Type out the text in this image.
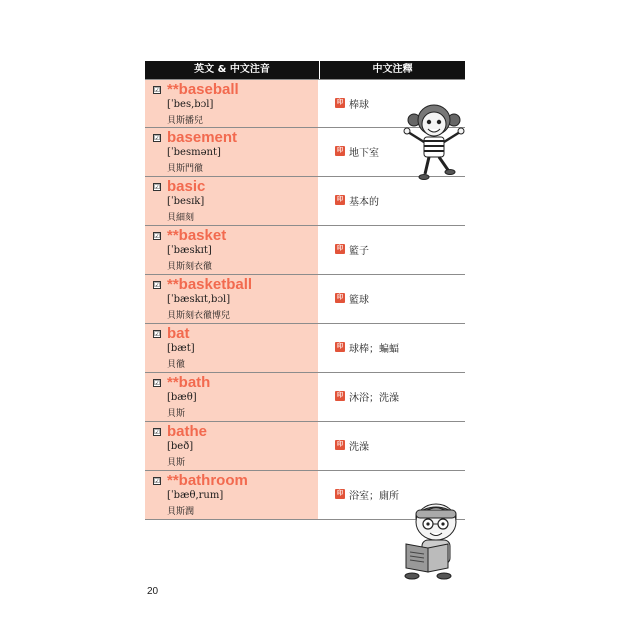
英文 & 中文注音	中文注釋
☑ **baseball
[ˈbes,bɔl]
貝斯播兒
印 棒球
☑ basement
[ˈbesmənt]
貝斯門徹
印 地下室
☑ basic
[ˈbesɪk]
貝細刻
印 基本的
☑ **basket
[ˈbæskɪt]
貝斯刻衣徹
印 籃子
☑ **basketball
[ˈbæskɪt,bɔl]
貝斯刻衣徹博兒
印 籃球
☑ bat
[bæt]
貝徹
印 球棒；蝙蝠
☑ **bath
[bæθ]
貝斯
印 沐浴；洗澡
☑ bathe
[beð]
貝斯
印 洗澡
☑ **bathroom
[ˈbæθ,rum]
貝斯潤
印 浴室；廁所
20
